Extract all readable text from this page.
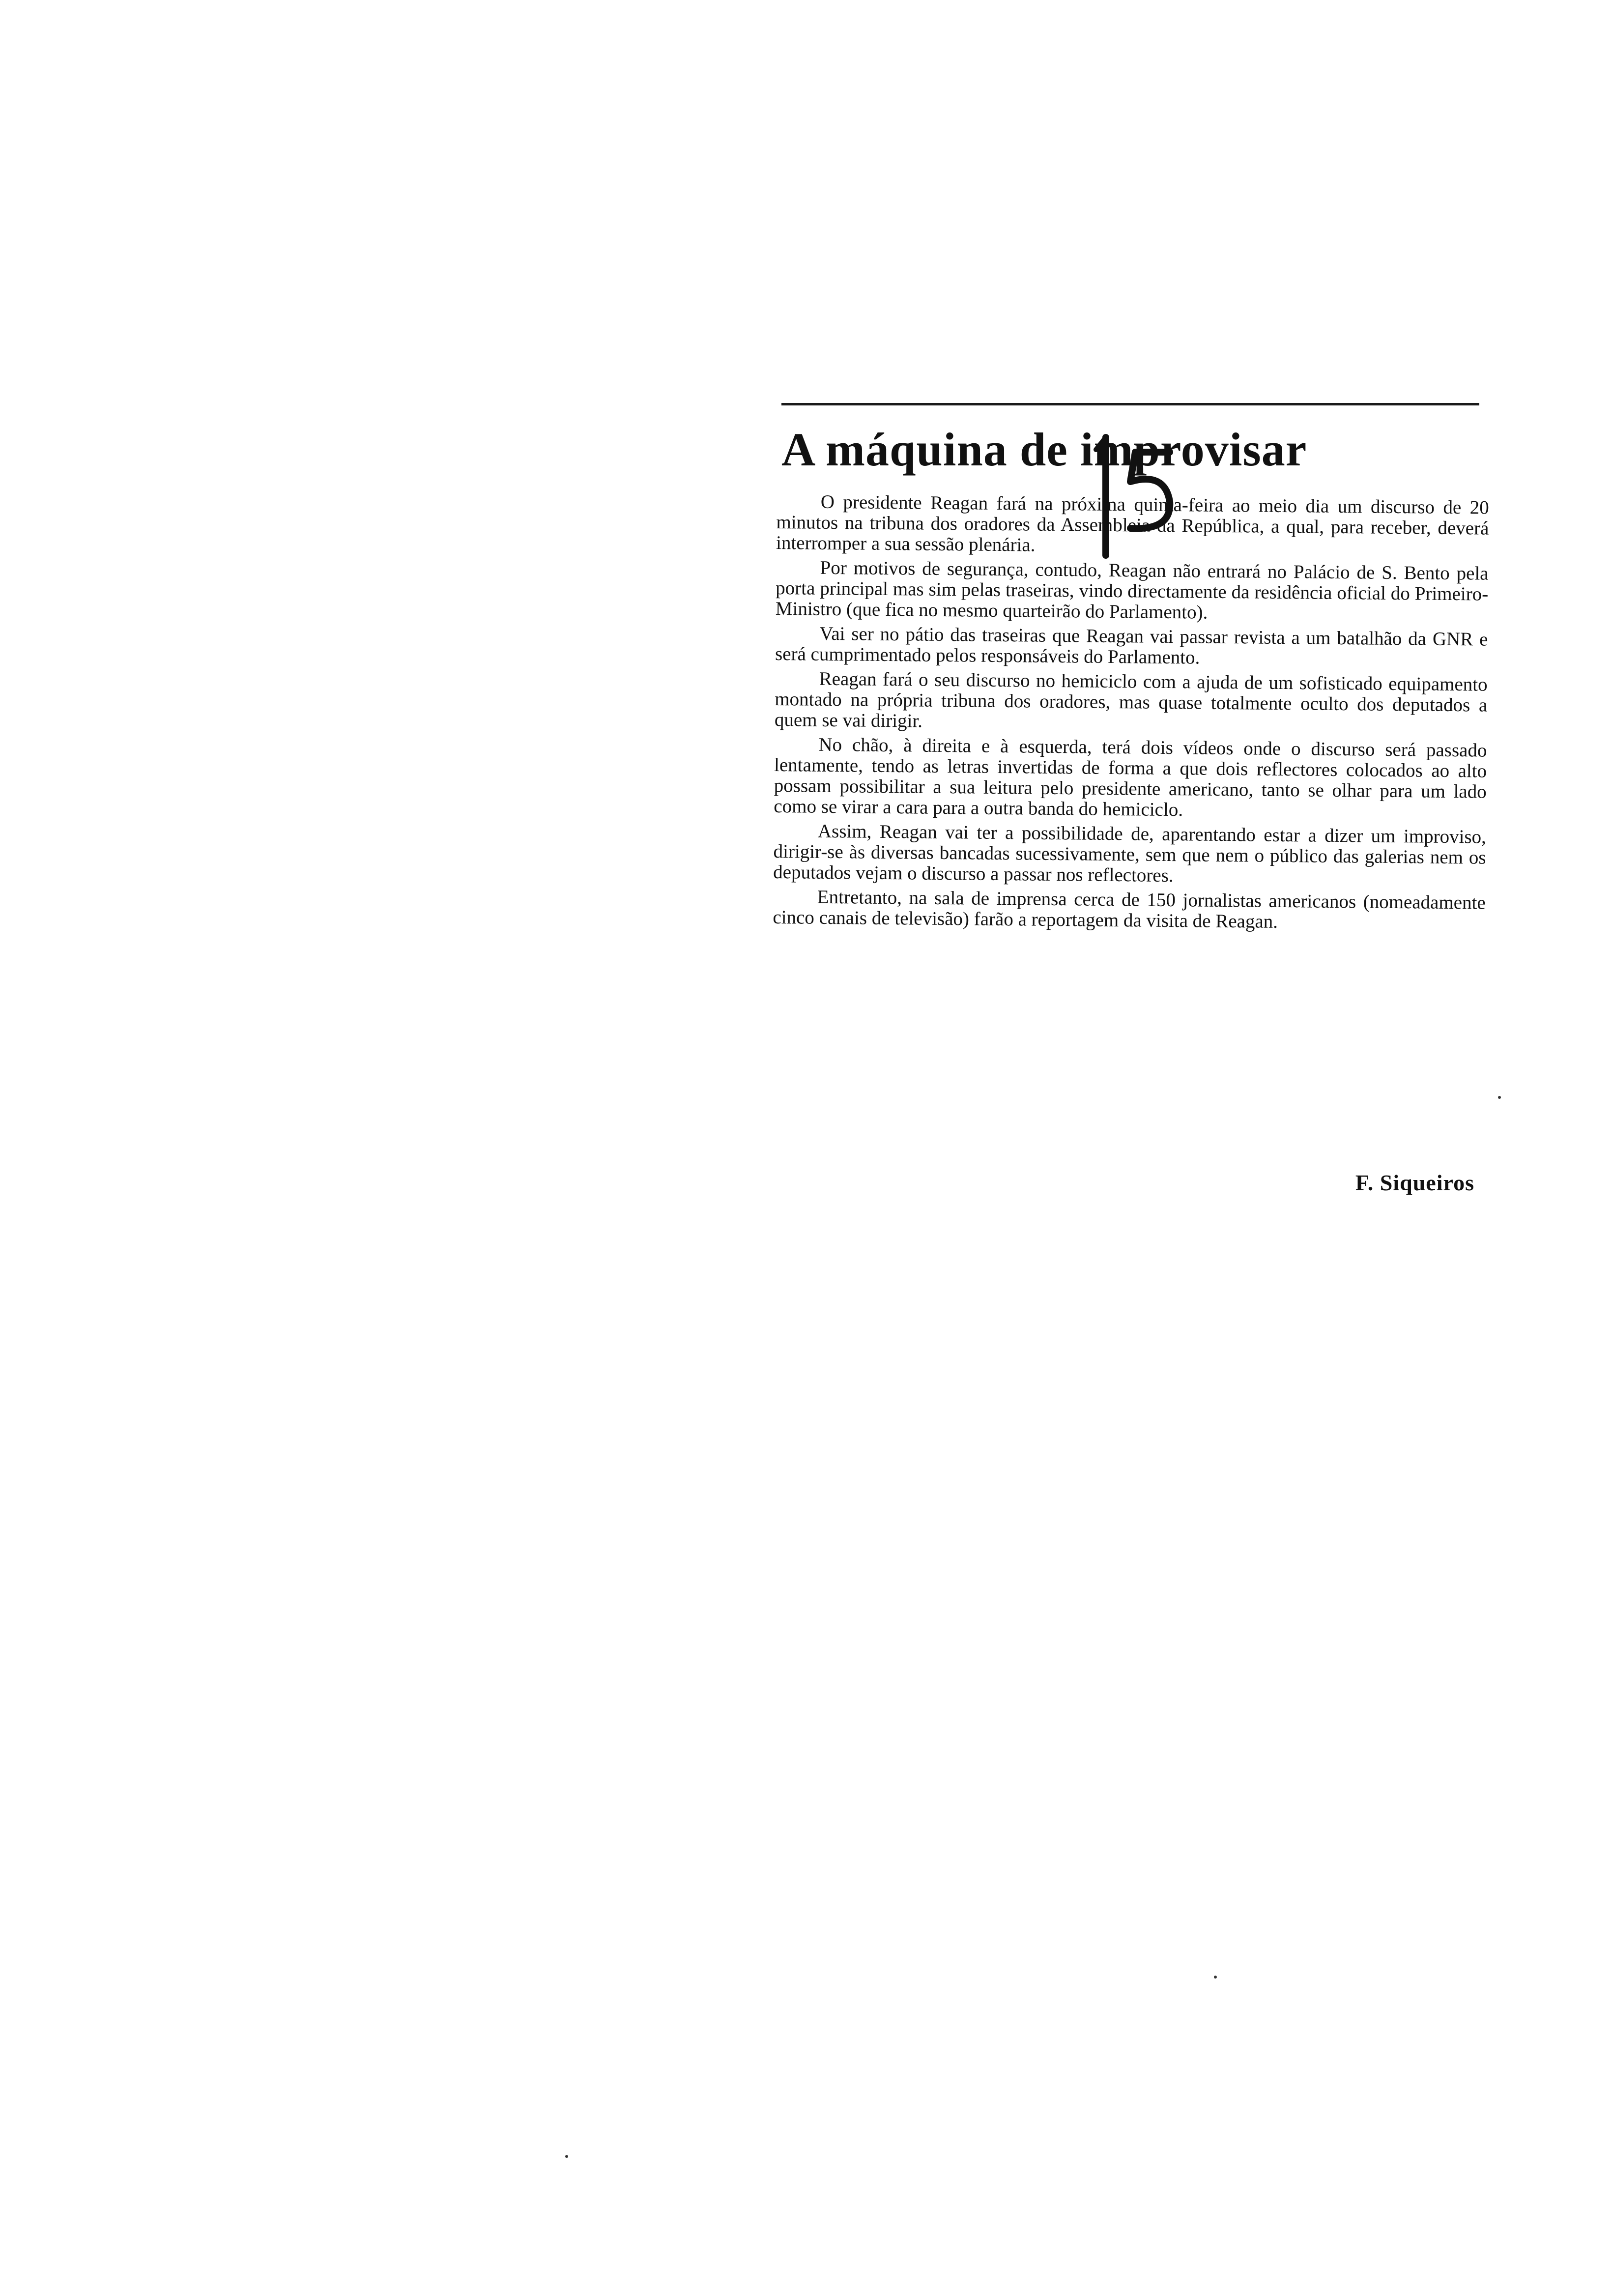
A máquina de improvisar

O presidente Reagan fará na próxima quinta-feira ao meio dia um discurso de 20 minutos na tribuna dos oradores da Assembleia da República, a qual, para receber, deverá interromper a sua sessão plenária.

Por motivos de segurança, contudo, Reagan não entrará no Palácio de S. Bento pela porta principal mas sim pelas traseiras, vindo directamente da residência oficial do Primeiro-Ministro (que fica no mesmo quarteirão do Parlamento).

Vai ser no pátio das traseiras que Reagan vai passar revista a um batalhão da GNR e será cumprimentado pelos responsáveis do Parlamento.

Reagan fará o seu discurso no hemiciclo com a ajuda de um sofisticado equipamento montado na própria tribuna dos oradores, mas quase totalmente oculto dos deputados a quem se vai dirigir.

No chão, à direita e à esquerda, terá dois vídeos onde o discurso será passado lentamente, tendo as letras invertidas de forma a que dois reflectores colocados ao alto possam possibilitar a sua leitura pelo presidente americano, tanto se olhar para um lado como se virar a cara para a outra banda do hemiciclo.

Assim, Reagan vai ter a possibilidade de, aparentando estar a dizer um improviso, dirigir-se às diversas bancadas sucessivamente, sem que nem o público das galerias nem os deputados vejam o discurso a passar nos reflectores.

Entretanto, na sala de imprensa cerca de 150 jornalistas americanos (nomeadamente cinco canais de televisão) farão a reportagem da visita de Reagan.

F. Siqueiros
